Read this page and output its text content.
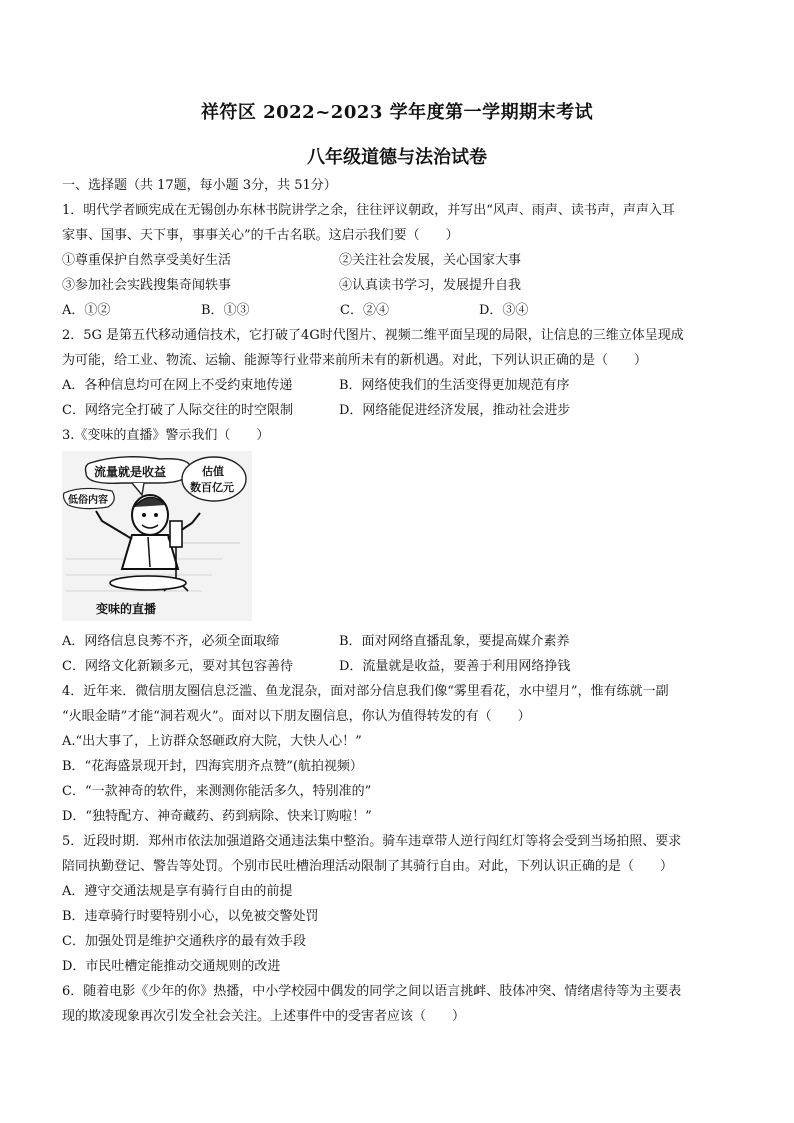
祥符区 2022~2023 学年度第一学期期末考试
八年级道德与法治试卷
一、选择题（共 17题，每小题 3分，共 51分）
1．明代学者顾宪成在无锡创办东林书院讲学之余，往往评议朝政，并写出“风声、雨声、读书声，声声入耳
家事、国事、天下事，事事关心”的千古名联。这启示我们要（　　）
①尊重保护自然享受美好生活	②关注社会发展，关心国家大事
③参加社会实践搜集奇闻轶事	④认真读书学习，发展提升自我
A．①②	B．①③	C．②④	D．③④
2．5G 是第五代移动通信技术，它打破了4G时代图片、视频二维平面呈现的局限，让信息的三维立体呈现成
为可能，给工业、物流、运输、能源等行业带来前所未有的新机遇。对此，下列认识正确的是（　　）
A．各种信息均可在网上不受约束地传递	B．网络使我们的生活变得更加规范有序
C．网络完全打破了人际交往的时空限制	D．网络能促进经济发展，推动社会进步
3.《变味的直播》警示我们（　　）
流量就是收益	估值
数百亿元
低俗内容
变味的直播
A．网络信息良莠不齐，必须全面取缔	B．面对网络直播乱象，要提高媒介素养
C．网络文化新颖多元，要对其包容善待	D．流量就是收益，要善于利用网络挣钱
4．近年来．微信朋友圈信息泛滥、鱼龙混杂，面对部分信息我们像“雾里看花，水中望月”，惟有练就一副
“火眼金睛”才能“洞若观火”。面对以下朋友圈信息，你认为值得转发的有（　　）
A.“出大事了，上访群众怒砸政府大院，大快人心！”
B．“花海盛景现开封，四海宾朋齐点赞”(航拍视频）
C．“一款神奇的软件，来测测你能活多久，特别准的”
D．“独特配方、神奇藏药、药到病除、快来订购啦！”
5．近段时期．郑州市依法加强道路交通违法集中整治。骑车违章带人逆行闯红灯等将会受到当场拍照、要求
陪同执勤登记、警告等处罚。个别市民吐槽治理活动限制了其骑行自由。对此，下列认识正确的是（　　）
A．遵守交通法规是享有骑行自由的前提
B．违章骑行时要特别小心，以免被交警处罚
C．加强处罚是维护交通秩序的最有效手段
D．市民吐槽定能推动交通规则的改进
6．随着电影《少年的你》热播，中小学校园中偶发的同学之间以语言挑衅、肢体冲突、情绪虐待等为主要表
现的欺凌现象再次引发全社会关注。上述事件中的受害者应该（　　）
